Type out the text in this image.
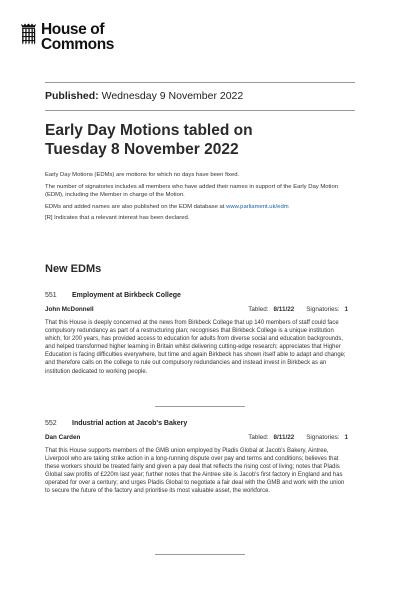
House of
Commons
Published: Wednesday 9 November 2022
Early Day Motions tabled on
Tuesday 8 November 2022

Early Day Motions (EDMs) are motions for which no days have been fixed.

The number of signatories includes all members who have added their names in support of the Early Day Motion (EDM), including the Member in charge of the Motion.

EDMs and added names are also published on the EDM database at www.parliament.uk/edm

[R] Indicates that a relevant interest has been declared.

New EDMs
551	Employment at Birkbeck College
John McDonnell	Tabled: 8/11/22 Signatories: 1
That this House is deeply concerned at the news from Birkbeck College that up 140 members of staff could face compulsory redundancy as part of a restructuring plan; recognises that Birkbeck College is a unique institution which, for 200 years, has provided access to education for adults from diverse social and education backgrounds, and helped transformed higher learning in Britain whilst delivering cutting-edge research; appreciates that Higher Education is facing difficulties everywhere, but time and again Birkbeck has shown itself able to adapt and change; and therefore calls on the college to rule out compulsory redundancies and instead invest in Birkbeck as an institution dedicated to working people.
552	Industrial action at Jacob's Bakery
Dan Carden	Tabled: 8/11/22 Signatories: 1
That this House supports members of the GMB union employed by Pladis Global at Jacob's Bakery, Aintree, Liverpool who are taking strike action in a long-running dispute over pay and terms and conditions; believes that these workers should be treated fairly and given a pay deal that reflects the rising cost of living; notes that Pladis Global saw profits of £220m last year; further notes that the Aintree site is Jacob's first factory in England and has operated for over a century; and urges Pladis Global to negotiate a fair deal with the GMB and work with the union to secure the future of the factory and prioritise its most valuable asset, the workforce.
